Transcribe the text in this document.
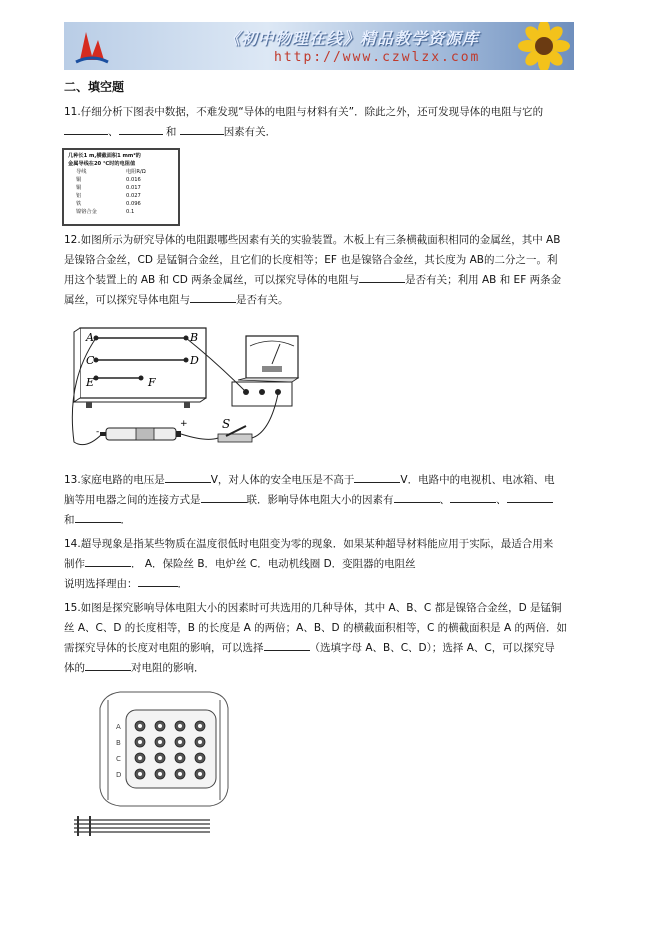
《初中物理在线》精品教学资源库
http://www.czwlzx.com
二、填空题
11.仔细分析下图表中数据，不难发现“导体的电阻与材料有关”．除此之外，还可发现导体的电阻与它的
、	和	因素有关．
几种长1 m,横截面积1 mm²的
金属导线在20 ℃时的电阻值
导线	电阻R/Ω
铜	0.016
铜	0.017
铝	0.027
铁	0.096
镍铬合金	0.1
12.如图所示为研究导体的电阻跟哪些因素有关的实验装置。木板上有三条横截面积相同的金属丝，其中 AB
是镍铬合金丝，CD 是锰铜合金丝，且它们的长度相等；EF 也是镍铬合金丝，其长度为 AB的二分之一。利
用这个装置上的 AB 和 CD 两条金属丝，可以探究导体的电阻与	是否有关；利用 AB 和 EF 两条金
属丝，可以探究导体电阻与	是否有关。
A	B
C	D
E	F
-
+	S
13.家庭电路的电压是	V，对人体的安全电压是不高于	V．电路中的电视机、电冰箱、电
脑等用电器之间的连接方式是	联．影响导体电阻大小的因素有	、	、
和	．
14.超导现象是指某些物质在温度很低时电阻变为零的现象．如果某种超导材料能应用于实际，最适合用来
制作	． A．保险丝 B．电炉丝 C．电动机线圈 D．变阻器的电阻丝
说明选择理由：	．
15.如图是探究影响导体电阻大小的因素时可共选用的几种导体，其中 A、B、C 都是镍铬合金丝，D 是锰铜
丝 A、C、D 的长度相等，B 的长度是 A 的两倍；A、B、D 的横截面积相等，C 的横截面积是 A 的两倍．如
需探究导体的长度对电阻的影响，可以选择	（选填字母 A、B、C、D）；选择 A、C，可以探究导
体的	对电阻的影响．
A
B
C
D
